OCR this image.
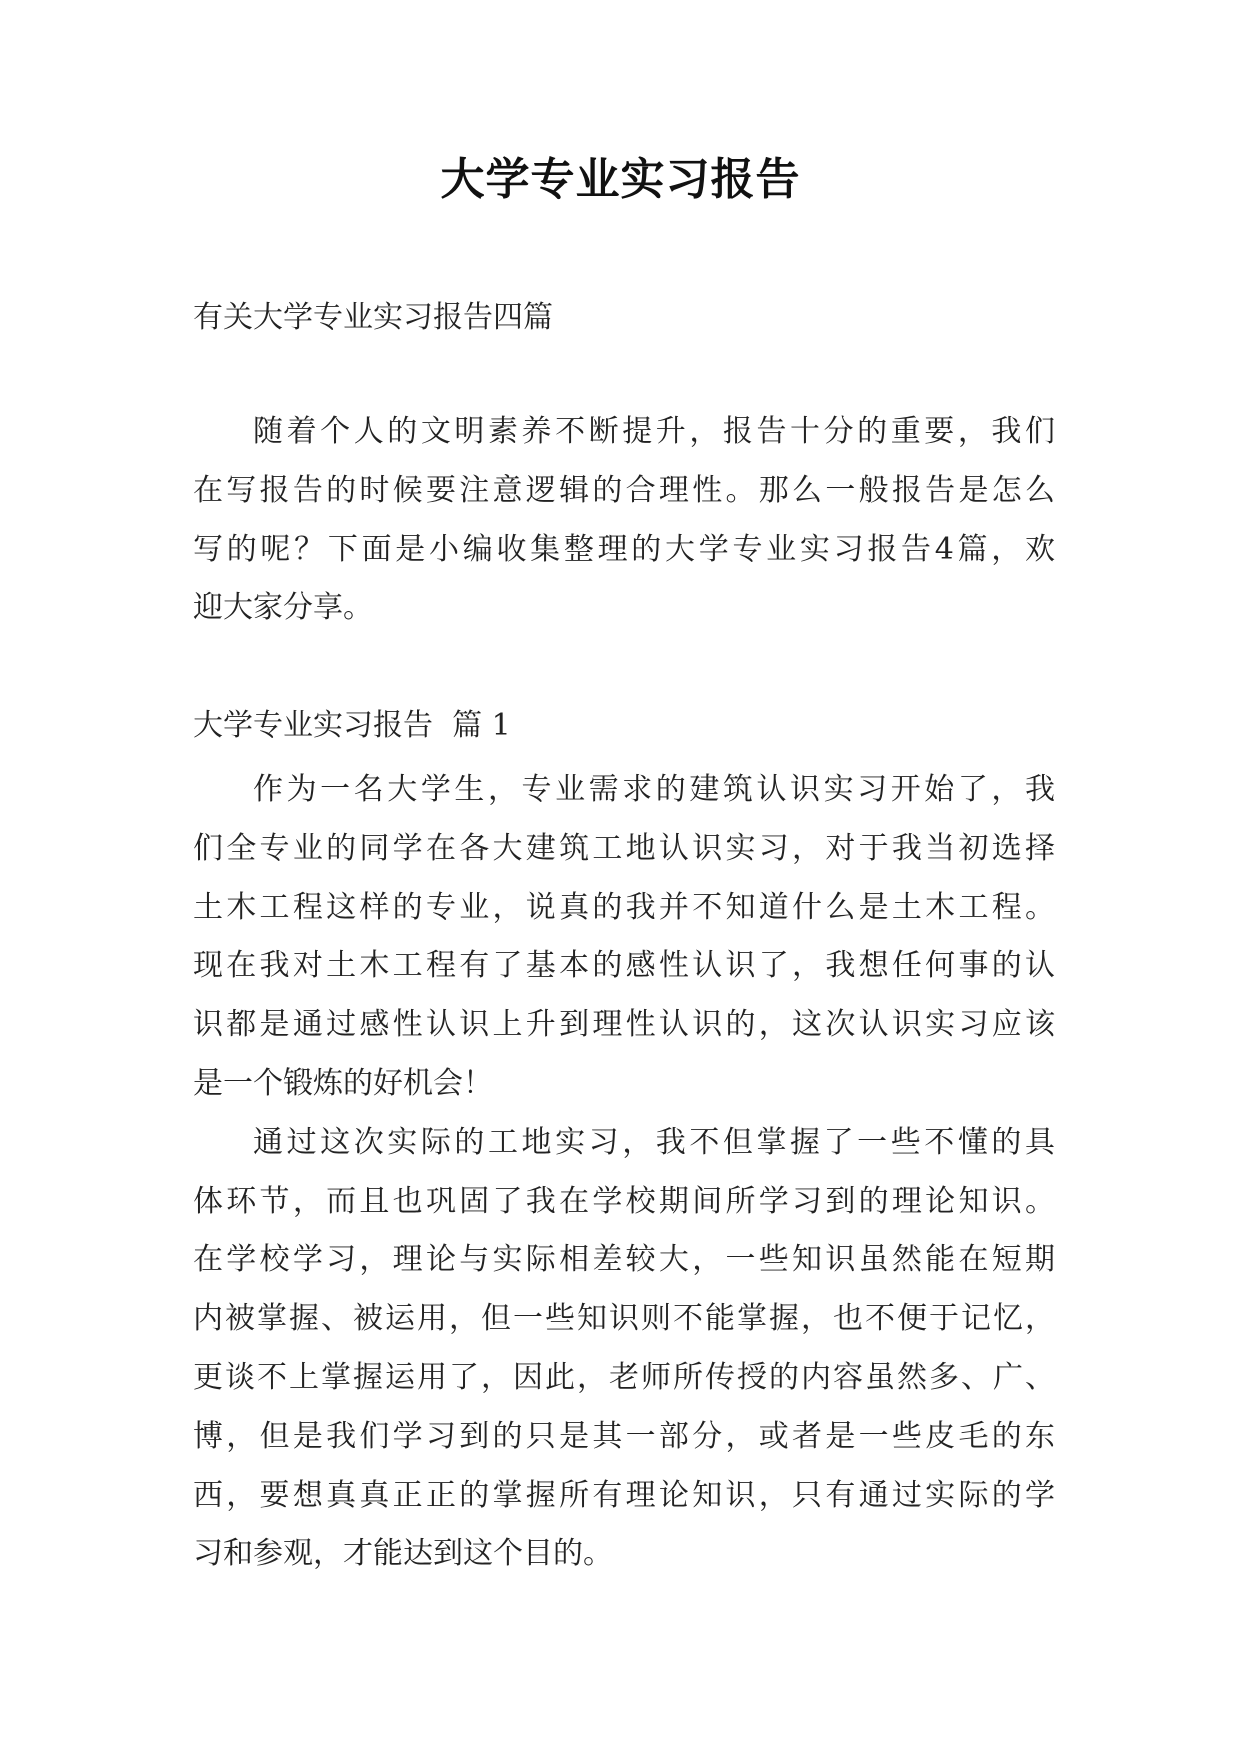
大学专业实习报告
有关大学专业实习报告四篇
随着个人的文明素养不断提升，报告十分的重要，我们
在写报告的时候要注意逻辑的合理性。那么一般报告是怎么
写的呢？下面是小编收集整理的大学专业实习报告4篇，欢
迎大家分享。
大学专业实习报告  篇 1
作为一名大学生，专业需求的建筑认识实习开始了，我
们全专业的同学在各大建筑工地认识实习，对于我当初选择
土木工程这样的专业，说真的我并不知道什么是土木工程。
现在我对土木工程有了基本的感性认识了，我想任何事的认
识都是通过感性认识上升到理性认识的，这次认识实习应该
是一个锻炼的好机会！
通过这次实际的工地实习，我不但掌握了一些不懂的具
体环节，而且也巩固了我在学校期间所学习到的理论知识。
在学校学习，理论与实际相差较大，一些知识虽然能在短期
内被掌握、被运用，但一些知识则不能掌握，也不便于记忆，
更谈不上掌握运用了，因此，老师所传授的内容虽然多、广、
博，但是我们学习到的只是其一部分，或者是一些皮毛的东
西，要想真真正正的掌握所有理论知识，只有通过实际的学
习和参观，才能达到这个目的。
